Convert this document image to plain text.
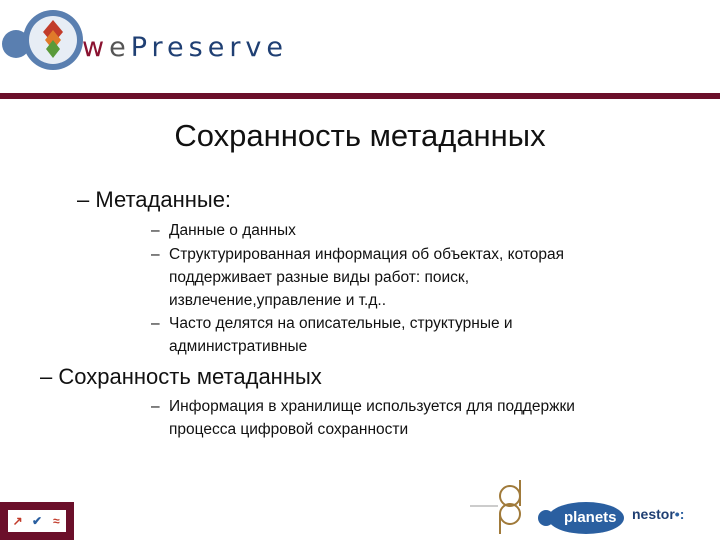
wePreserve
Сохранность метаданных
– Метаданные:
– Данные о данных
– Структурированная информация об объектах, которая
поддерживает разные виды работ: поиск,
извлечение,управление и т.д..
– Часто делятся на описательные, структурные и
административные
– Сохранность метаданных
– Информация в хранилище используется для поддержки
процесса цифровой сохранности
↗ ✔ ≈	planets nestor•:
